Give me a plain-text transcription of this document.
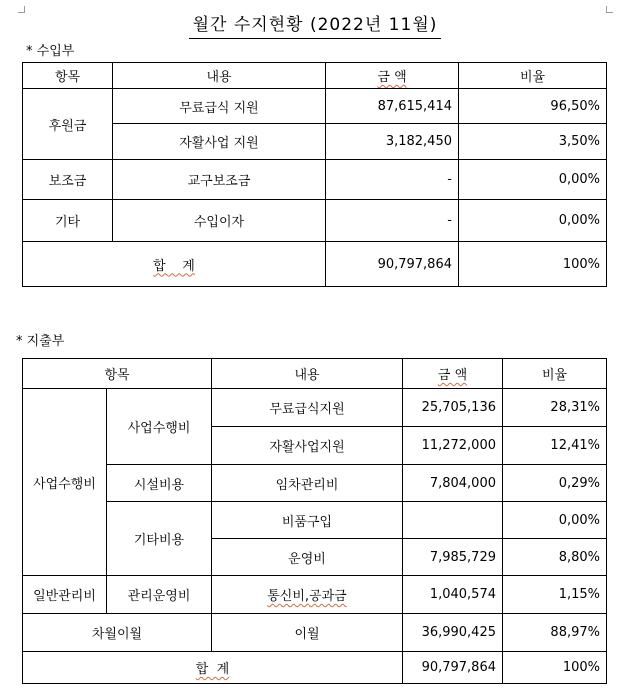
월간 수지현황 (2022년 11월)
* 수입부
항목	내용	금 액	비율
후원금	무료급식 지원	87,615,414	96,50%
	자활사업 지원	3,182,450	3,50%
보조금	교구보조금	-	0,00%
기타	수입이자	-	0,00%
합    계		90,797,864	100%
* 지출부
항목		내용	금 액	비율
사업수행비	사업수행비	무료급식지원	25,705,136	28,31%
		자활사업지원	11,272,000	12,41%
	시설비용	임차관리비	7,804,000	0,29%
	기타비용	비품구입		0,00%
		운영비	7,985,729	8,80%
일반관리비	관리운영비	통신비,공과금	1,040,574	1,15%
차월이월		이월	36,990,425	88,97%
합  계			90,797,864	100%
